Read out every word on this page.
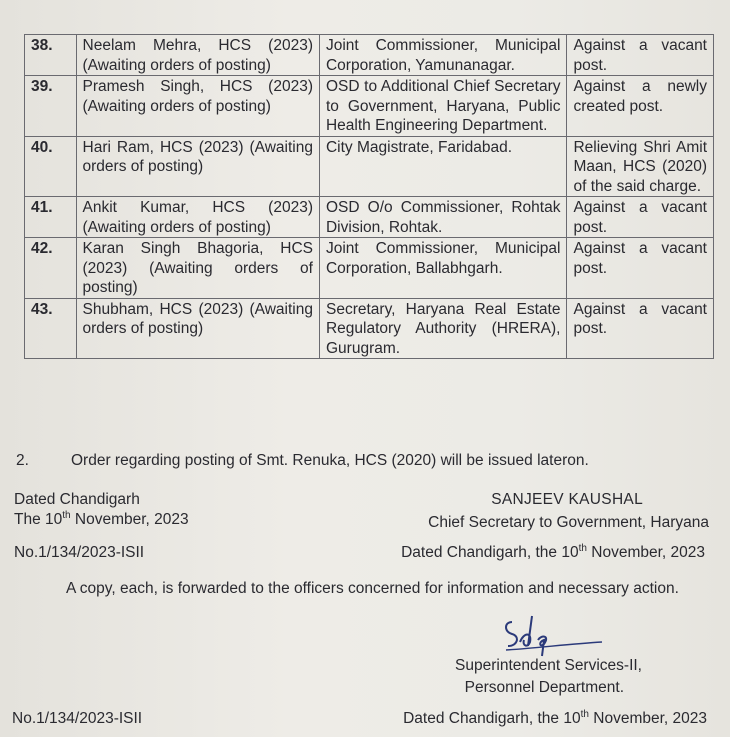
38.	Neelam Mehra, HCS (2023) (Awaiting orders of posting)	Joint Commissioner, Municipal Corporation, Yamunanagar.	Against a vacant post.
39.	Pramesh Singh, HCS (2023) (Awaiting orders of posting)	OSD to Additional Chief Secretary to Government, Haryana, Public Health Engineering Department.	Against a newly created post.
40.	Hari Ram, HCS (2023) (Awaiting orders of posting)	City Magistrate, Faridabad.	Relieving Shri Amit Maan, HCS (2020) of the said charge.
41.	Ankit Kumar, HCS (2023) (Awaiting orders of posting)	OSD O/o Commissioner, Rohtak Division, Rohtak.	Against a vacant post.
42.	Karan Singh Bhagoria, HCS (2023) (Awaiting orders of posting)	Joint Commissioner, Municipal Corporation, Ballabhgarh.	Against a vacant post.
43.	Shubham, HCS (2023) (Awaiting orders of posting)	Secretary, Haryana Real Estate Regulatory Authority (HRERA), Gurugram.	Against a vacant post.
2.	Order regarding posting of Smt. Renuka, HCS (2020) will be issued lateron.
Dated Chandigarh
The 10th November, 2023
SANJEEV KAUSHAL
Chief Secretary to Government, Haryana
No.1/134/2023-ISII	Dated Chandigarh, the 10th November, 2023
A copy, each, is forwarded to the officers concerned for information and necessary action.
Superintendent Services-II,
Personnel Department.
No.1/134/2023-ISII	Dated Chandigarh, the 10th November, 2023
